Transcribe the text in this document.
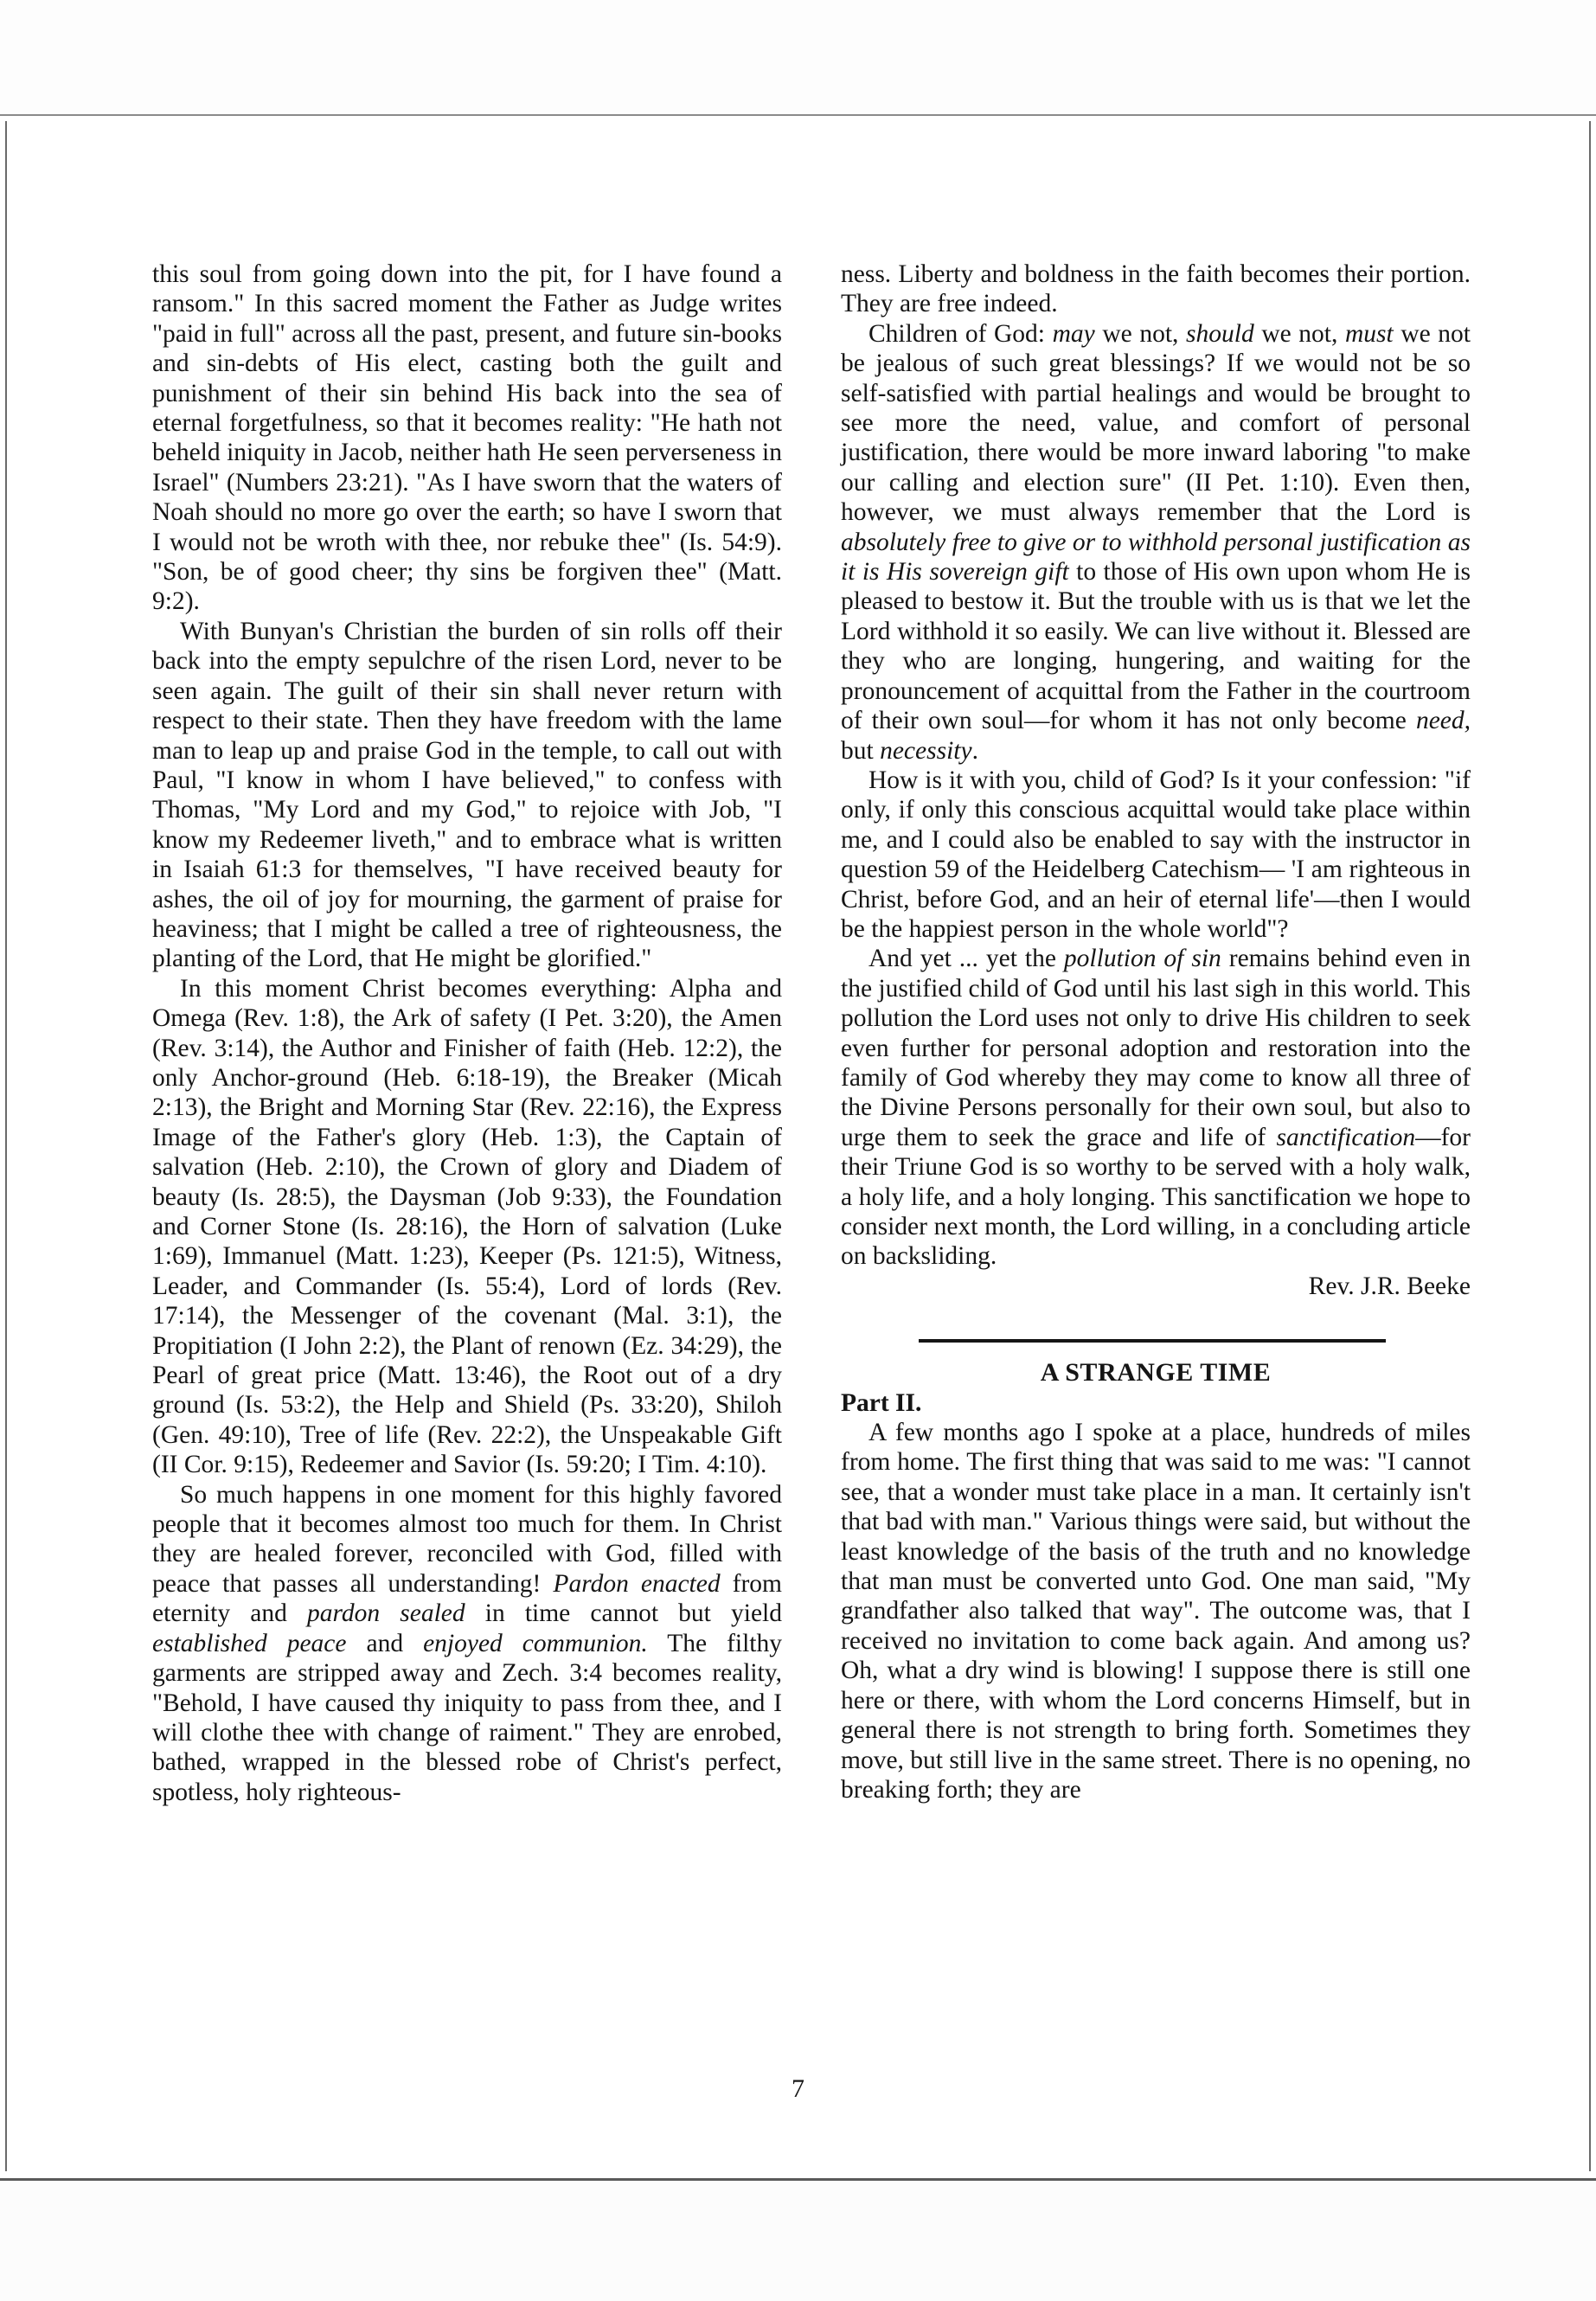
this soul from going down into the pit, for I have found a ransom." In this sacred moment the Father as Judge writes "paid in full" across all the past, present, and future sin-books and sin-debts of His elect, casting both the guilt and punishment of their sin behind His back into the sea of eternal forgetfulness, so that it becomes reality: "He hath not beheld iniquity in Jacob, neither hath He seen perverseness in Israel" (Numbers 23:21). "As I have sworn that the waters of Noah should no more go over the earth; so have I sworn that I would not be wroth with thee, nor rebuke thee" (Is. 54:9). "Son, be of good cheer; thy sins be forgiven thee" (Matt. 9:2).

With Bunyan's Christian the burden of sin rolls off their back into the empty sepulchre of the risen Lord, never to be seen again. The guilt of their sin shall never return with respect to their state. Then they have freedom with the lame man to leap up and praise God in the temple, to call out with Paul, "I know in whom I have believed," to confess with Thomas, "My Lord and my God," to rejoice with Job, "I know my Redeemer liveth," and to embrace what is written in Isaiah 61:3 for themselves, "I have received beauty for ashes, the oil of joy for mourning, the garment of praise for heaviness; that I might be called a tree of righteousness, the planting of the Lord, that He might be glorified."

In this moment Christ becomes everything: Alpha and Omega (Rev. 1:8), the Ark of safety (I Pet. 3:20), the Amen (Rev. 3:14), the Author and Finisher of faith (Heb. 12:2), the only Anchor-ground (Heb. 6:18-19), the Breaker (Micah 2:13), the Bright and Morning Star (Rev. 22:16), the Express Image of the Father's glory (Heb. 1:3), the Captain of salvation (Heb. 2:10), the Crown of glory and Diadem of beauty (Is. 28:5), the Daysman (Job 9:33), the Foundation and Corner Stone (Is. 28:16), the Horn of salvation (Luke 1:69), Immanuel (Matt. 1:23), Keeper (Ps. 121:5), Witness, Leader, and Commander (Is. 55:4), Lord of lords (Rev. 17:14), the Messenger of the covenant (Mal. 3:1), the Propitiation (I John 2:2), the Plant of renown (Ez. 34:29), the Pearl of great price (Matt. 13:46), the Root out of a dry ground (Is. 53:2), the Help and Shield (Ps. 33:20), Shiloh (Gen. 49:10), Tree of life (Rev. 22:2), the Unspeakable Gift (II Cor. 9:15), Redeemer and Savior (Is. 59:20; I Tim. 4:10).

So much happens in one moment for this highly favored people that it becomes almost too much for them. In Christ they are healed forever, reconciled with God, filled with peace that passes all understanding! Pardon enacted from eternity and pardon sealed in time cannot but yield established peace and enjoyed communion. The filthy garments are stripped away and Zech. 3:4 becomes reality, "Behold, I have caused thy iniquity to pass from thee, and I will clothe thee with change of raiment." They are enrobed, bathed, wrapped in the blessed robe of Christ's perfect, spotless, holy righteous-

ness. Liberty and boldness in the faith becomes their portion. They are free indeed.

Children of God: may we not, should we not, must we not be jealous of such great blessings? If we would not be so self-satisfied with partial healings and would be brought to see more the need, value, and comfort of personal justification, there would be more inward laboring "to make our calling and election sure" (II Pet. 1:10). Even then, however, we must always remember that the Lord is absolutely free to give or to withhold personal justification as it is His sovereign gift to those of His own upon whom He is pleased to bestow it. But the trouble with us is that we let the Lord withhold it so easily. We can live without it. Blessed are they who are longing, hungering, and waiting for the pronouncement of acquittal from the Father in the courtroom of their own soul—for whom it has not only become need, but necessity.

How is it with you, child of God? Is it your confession: "if only, if only this conscious acquittal would take place within me, and I could also be enabled to say with the instructor in question 59 of the Heidelberg Catechism— 'I am righteous in Christ, before God, and an heir of eternal life'—then I would be the happiest person in the whole world"?

And yet ... yet the pollution of sin remains behind even in the justified child of God until his last sigh in this world. This pollution the Lord uses not only to drive His children to seek even further for personal adoption and restoration into the family of God whereby they may come to know all three of the Divine Persons personally for their own soul, but also to urge them to seek the grace and life of sanctification—for their Triune God is so worthy to be served with a holy walk, a holy life, and a holy longing. This sanctification we hope to consider next month, the Lord willing, in a concluding article on backsliding.

Rev. J.R. Beeke

A STRANGE TIME

Part II.

A few months ago I spoke at a place, hundreds of miles from home. The first thing that was said to me was: "I cannot see, that a wonder must take place in a man. It certainly isn't that bad with man." Various things were said, but without the least knowledge of the basis of the truth and no knowledge that man must be converted unto God. One man said, "My grandfather also talked that way". The outcome was, that I received no invitation to come back again. And among us? Oh, what a dry wind is blowing! I suppose there is still one here or there, with whom the Lord concerns Himself, but in general there is not strength to bring forth. Sometimes they move, but still live in the same street. There is no opening, no breaking forth; they are

7
